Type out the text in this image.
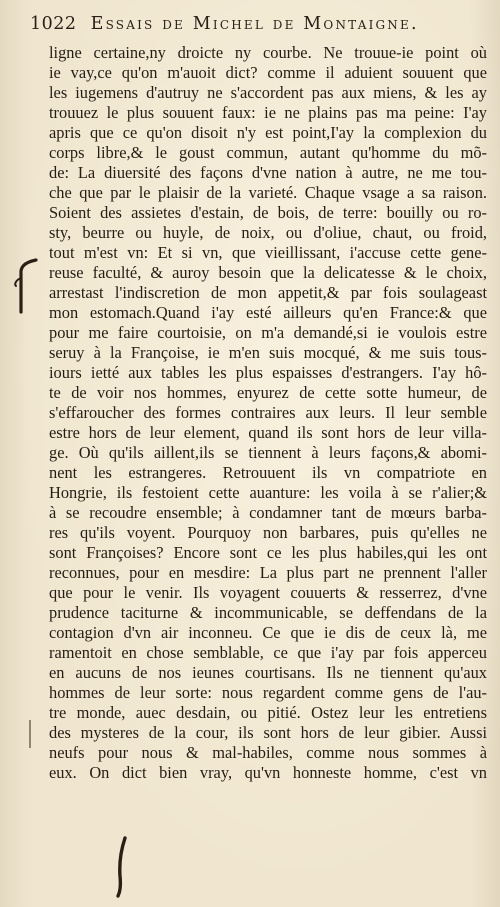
1022 Essais de Michel de Montaigne.
ligne certaine,ny droicte ny courbe. Ne trouue-ie point où
ie vay,ce qu'on m'auoit dict? comme il aduient souuent que
les iugemens d'autruy ne s'accordent pas aux miens, & les ay
trouuez le plus souuent faux: ie ne plains pas ma peine: I'ay
apris que ce qu'on disoit n'y est point,I'ay la complexion du
corps libre,& le goust commun, autant qu'homme du mõ-
de: La diuersité des façons d'vne nation à autre, ne me tou-
che que par le plaisir de la varieté. Chaque vsage a sa raison.
Soient des assietes d'estain, de bois, de terre: bouilly ou ro-
sty, beurre ou huyle, de noix, ou d'oliue, chaut, ou froid,
tout m'est vn: Et si vn, que vieillissant, i'accuse cette gene-
reuse faculté, & auroy besoin que la delicatesse & le choix,
arrestast l'indiscretion de mon appetit,& par fois soulageast
mon estomach.Quand i'ay esté ailleurs qu'en France:& que
pour me faire courtoisie, on m'a demandé,si ie voulois estre
seruy à la Françoise, ie m'en suis mocqué, & me suis tous-
iours ietté aux tables les plus espaisses d'estrangers. I'ay hô-
te de voir nos hommes, enyurez de cette sotte humeur, de
s'effaroucher des formes contraires aux leurs. Il leur semble
estre hors de leur element, quand ils sont hors de leur villa-
ge. Où qu'ils aillent,ils se tiennent à leurs façons,& abomi-
nent les estrangeres. Retrouuent ils vn compatriote en
Hongrie, ils festoient cette auanture: les voila à se r'alier;&
à se recoudre ensemble; à condamner tant de mœurs barba-
res qu'ils voyent. Pourquoy non barbares, puis qu'elles ne
sont Françoises? Encore sont ce les plus habiles,qui les ont
reconnues, pour en mesdire: La plus part ne prennent l'aller
que pour le venir. Ils voyagent couuerts & resserrez, d'vne
prudence taciturne & incommunicable, se deffendans de la
contagion d'vn air inconneu. Ce que ie dis de ceux là, me
ramentoit en chose semblable, ce que i'ay par fois apperceu
en aucuns de nos ieunes courtisans. Ils ne tiennent qu'aux
hommes de leur sorte: nous regardent comme gens de l'au-
tre monde, auec desdain, ou pitié. Ostez leur les entretiens
des mysteres de la cour, ils sont hors de leur gibier. Aussi
neufs pour nous & mal-habiles, comme nous sommes à
eux. On dict bien vray, qu'vn honneste homme, c'est vn
